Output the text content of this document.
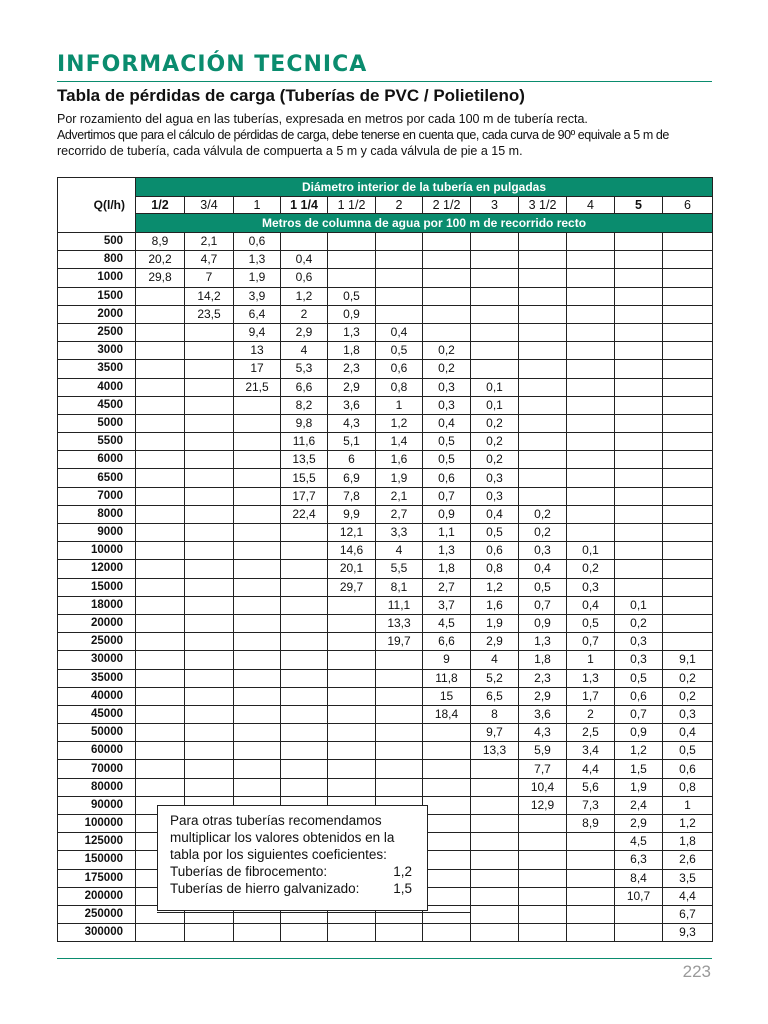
INFORMACIÓN TECNICA
Tabla de pérdidas de carga (Tuberías de PVC / Polietileno)

Por rozamiento del agua en las tuberías, expresada en metros por cada 100 m de tubería recta.

Advertimos que para el cálculo de pérdidas de carga, debe tenerse en cuenta que, cada curva de 90º equivale a 5 m de

recorrido de tubería, cada válvula de compuerta a 5 m y cada válvula de pie a 15 m.

Q(l/h)	Diámetro interior de la tubería en pulgadas											
	1/2	3/4	1	1 1/4	1 1/2	2	2 1/2	3	3 1/2	4	5	6
	Metros de columna de agua por 100 m de recorrido recto											
500	8,9	2,1	0,6									
800	20,2	4,7	1,3	0,4								
1000	29,8	7	1,9	0,6								
1500		14,2	3,9	1,2	0,5							
2000		23,5	6,4	2	0,9							
2500			9,4	2,9	1,3	0,4						
3000			13	4	1,8	0,5	0,2					
3500			17	5,3	2,3	0,6	0,2					
4000			21,5	6,6	2,9	0,8	0,3	0,1				
4500				8,2	3,6	1	0,3	0,1				
5000				9,8	4,3	1,2	0,4	0,2				
5500				11,6	5,1	1,4	0,5	0,2				
6000				13,5	6	1,6	0,5	0,2				
6500				15,5	6,9	1,9	0,6	0,3				
7000				17,7	7,8	2,1	0,7	0,3				
8000				22,4	9,9	2,7	0,9	0,4	0,2			
9000					12,1	3,3	1,1	0,5	0,2			
10000					14,6	4	1,3	0,6	0,3	0,1		
12000					20,1	5,5	1,8	0,8	0,4	0,2		
15000					29,7	8,1	2,7	1,2	0,5	0,3		
18000						11,1	3,7	1,6	0,7	0,4	0,1	
20000						13,3	4,5	1,9	0,9	0,5	0,2	
25000						19,7	6,6	2,9	1,3	0,7	0,3	
30000							9	4	1,8	1	0,3	9,1
35000							11,8	5,2	2,3	1,3	0,5	0,2
40000							15	6,5	2,9	1,7	0,6	0,2
45000							18,4	8	3,6	2	0,7	0,3
50000								9,7	4,3	2,5	0,9	0,4
60000								13,3	5,9	3,4	1,2	0,5
70000									7,7	4,4	1,5	0,6
80000									10,4	5,6	1,9	0,8
90000									12,9	7,3	2,4	1
100000										8,9	2,9	1,2
125000											4,5	1,8
150000											6,3	2,6
175000											8,4	3,5
200000											10,7	4,4
250000												6,7
300000												9,3

Para otras tuberías recomendamos

multiplicar los valores obtenidos en la

tabla por los siguientes coeficientes:

Tuberías de fibrocemento:	1,2

Tuberías de hierro galvanizado:	1,5

223
